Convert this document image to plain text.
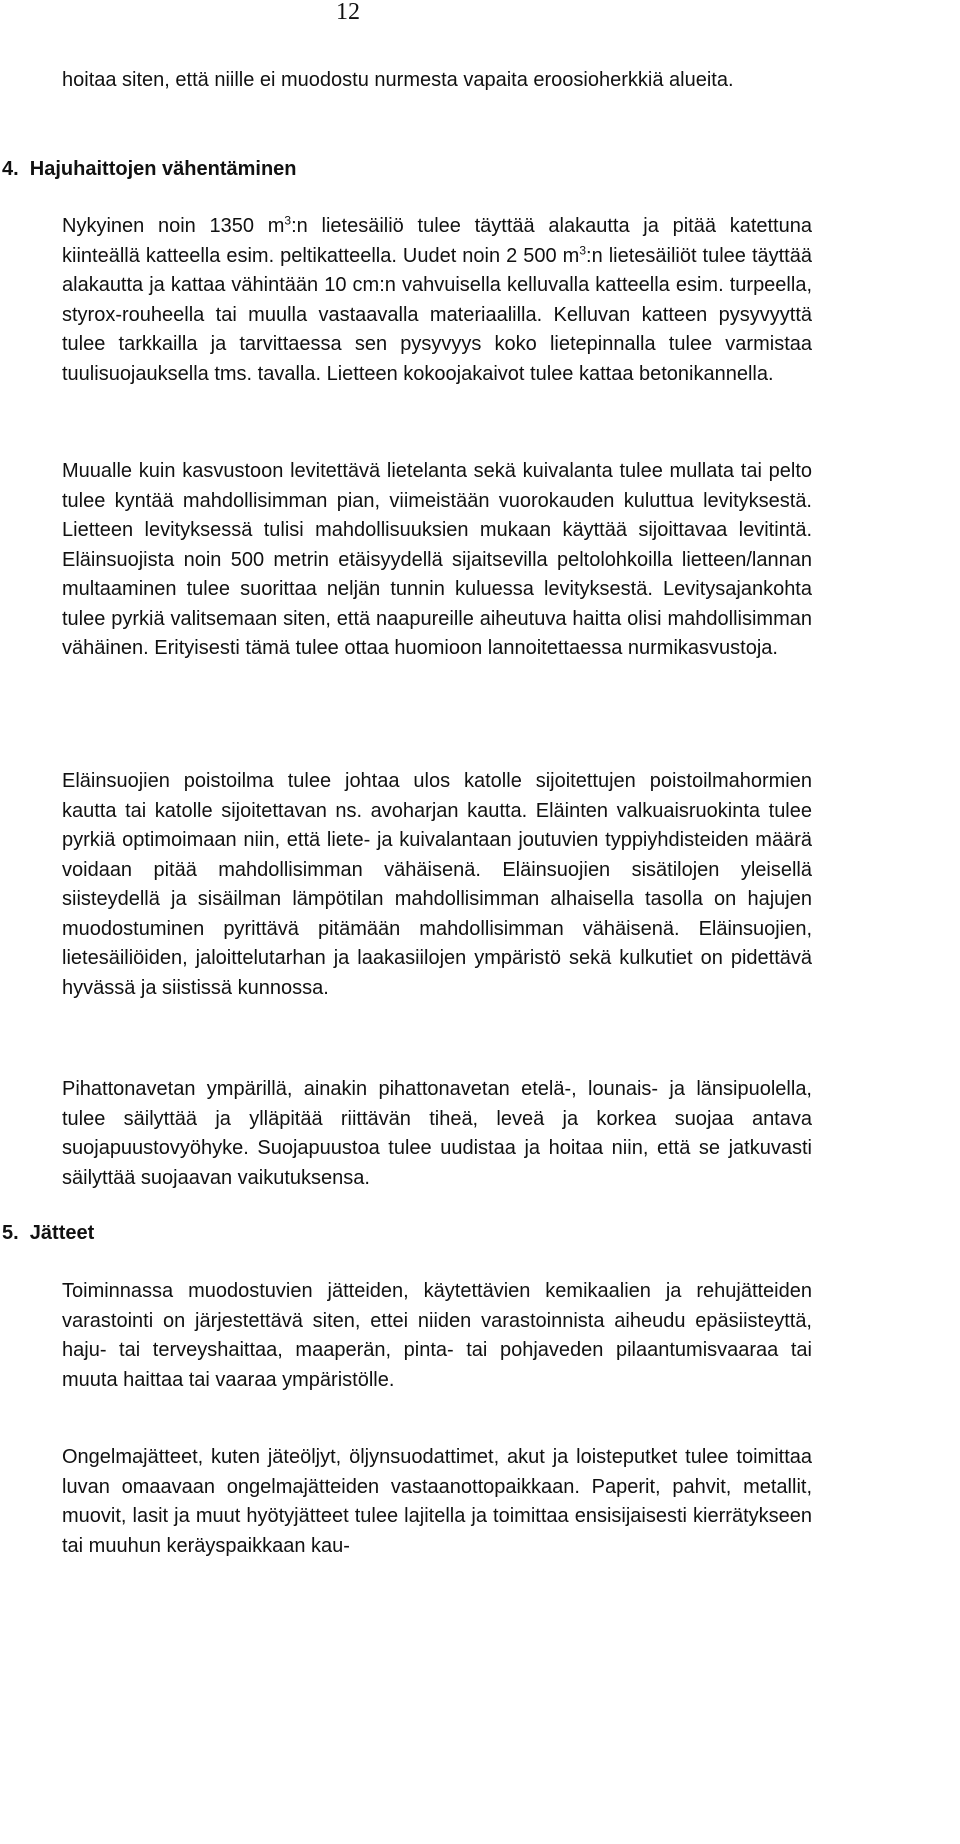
12

hoitaa siten, että niille ei muodostu nurmesta vapaita eroosioherkkiä alueita.

4.  Hajuhaittojen vähentäminen

Nykyinen noin 1350 $m^3:n$ lietesäiliö tulee täyttää alakautta ja pitää katettuna kiinteällä katteella esim. peltikatteella. Uudet noin 2 500 $m^3:n$ lietesäiliöt tulee täyttää alakautta ja kattaa vähintään 10 cm:n vahvuisella kelluvalla katteella esim. turpeella, styrox-rouheella tai muulla vastaavalla materiaalilla. Kelluvan katteen pysyvyyttä tulee tarkkailla ja tarvittaessa sen pysyvyys koko lietepinnalla tulee varmistaa tuulisuojauksella tms. tavalla. Lietteen kokoojakaivot tulee kattaa betonikannella.

Muualle kuin kasvustoon levitettävä lietelanta sekä kuivalanta tulee mullata tai pelto tulee kyntää mahdollisimman pian, viimeistään vuorokauden kuluttua levityksestä. Lietteen levityksessä tulisi mahdollisuuksien mukaan käyttää sijoittavaa levitintä. Eläinsuojista noin 500 metrin etäisyydellä sijaitsevilla peltolohkoilla lietteen/lannan multaaminen tulee suorittaa neljän tunnin kuluessa levityksestä. Levitysajankohta tulee pyrkiä valitsemaan siten, että naapureille aiheutuva haitta olisi mahdollisimman vähäinen. Erityisesti tämä tulee ottaa huomioon lannoitettaessa nurmikasvustoja.

Eläinsuojien poistoilma tulee johtaa ulos katolle sijoitettujen poistoilmahormien kautta tai katolle sijoitettavan ns. avoharjan kautta. Eläinten valkuaisruokinta tulee pyrkiä optimoimaan niin, että liete- ja kuivalantaan joutuvien typpiyhdisteiden määrä voidaan pitää mahdollisimman vähäisenä. Eläinsuojien sisätilojen yleisellä siisteydellä ja sisäilman lämpötilan mahdollisimman alhaisella tasolla on hajujen muodostuminen pyrittävä pitämään mahdollisimman vähäisenä. Eläinsuojien, lietesäiliöiden, jaloittelutarhan ja laakasiilojen ympäristö sekä kulkutiet on pidettävä hyvässä ja siistissä kunnossa.

Pihattonavetan ympärillä, ainakin pihattonavetan etelä-, lounais- ja länsipuolella, tulee säilyttää ja ylläpitää riittävän tiheä, leveä ja korkea suojaa antava suojapuustovyöhyke. Suojapuustoa tulee uudistaa ja hoitaa niin, että se jatkuvasti säilyttää suojaavan vaikutuksensa.

5.  Jätteet

Toiminnassa muodostuvien jätteiden, käytettävien kemikaalien ja rehujätteiden varastointi on järjestettävä siten, ettei niiden varastoinnista aiheudu epäsiisteyttä, haju- tai terveyshaittaa, maaperän, pinta- tai pohjaveden pilaantumisvaaraa tai muuta haittaa tai vaaraa ympäristölle.

Ongelmajätteet, kuten jäteöljyt, öljynsuodattimet, akut ja loisteputket tulee toimittaa luvan omaavaan ongelmajätteiden vastaanottopaikkaan. Paperit, pahvit, metallit, muovit, lasit ja muut hyötyjätteet tulee lajitella ja toimittaa ensisijaisesti kierrätykseen tai muuhun keräyspaikkaan kau-
